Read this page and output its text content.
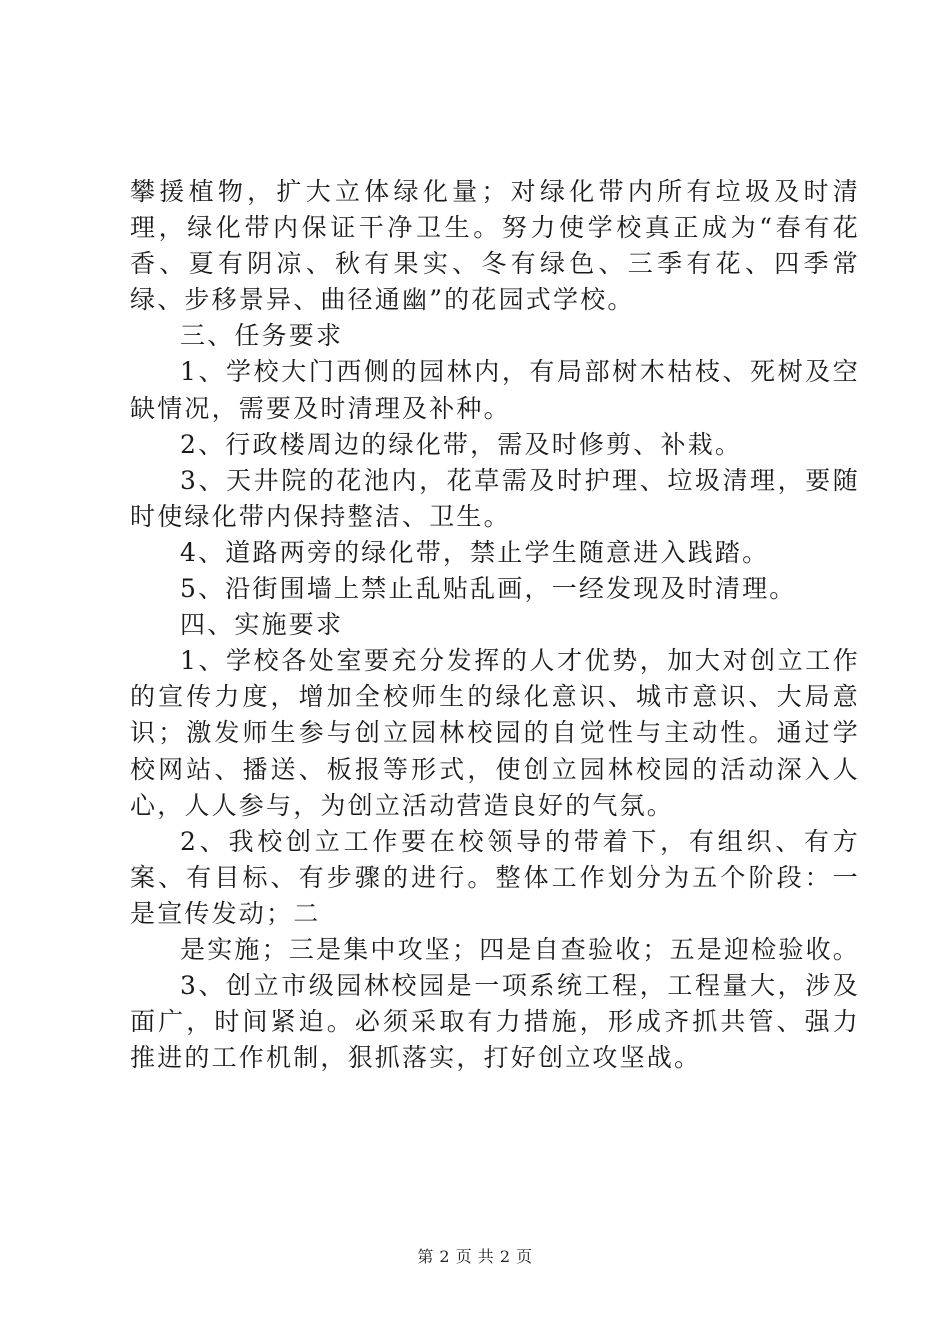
攀援植物，扩大立体绿化量；对绿化带内所有垃圾及时清理，绿化带内保证干净卫生。努力使学校真正成为“春有花香、夏有阴凉、秋有果实、冬有绿色、三季有花、四季常绿、步移景异、曲径通幽”的花园式学校。

三、任务要求

1、学校大门西侧的园林内，有局部树木枯枝、死树及空缺情况，需要及时清理及补种。

2、行政楼周边的绿化带，需及时修剪、补栽。

3、天井院的花池内，花草需及时护理、垃圾清理，要随时使绿化带内保持整洁、卫生。

4、道路两旁的绿化带，禁止学生随意进入践踏。

5、沿街围墙上禁止乱贴乱画，一经发现及时清理。

四、实施要求

1、学校各处室要充分发挥的人才优势，加大对创立工作的宣传力度，增加全校师生的绿化意识、城市意识、大局意识；激发师生参与创立园林校园的自觉性与主动性。通过学校网站、播送、板报等形式，使创立园林校园的活动深入人心，人人参与，为创立活动营造良好的气氛。

2、我校创立工作要在校领导的带着下，有组织、有方案、有目标、有步骤的进行。整体工作划分为五个阶段：一是宣传发动；二

是实施；三是集中攻坚；四是自查验收；五是迎检验收。

3、创立市级园林校园是一项系统工程，工程量大，涉及面广，时间紧迫。必须采取有力措施，形成齐抓共管、强力推进的工作机制，狠抓落实，打好创立攻坚战。

第 2 页 共 2 页
